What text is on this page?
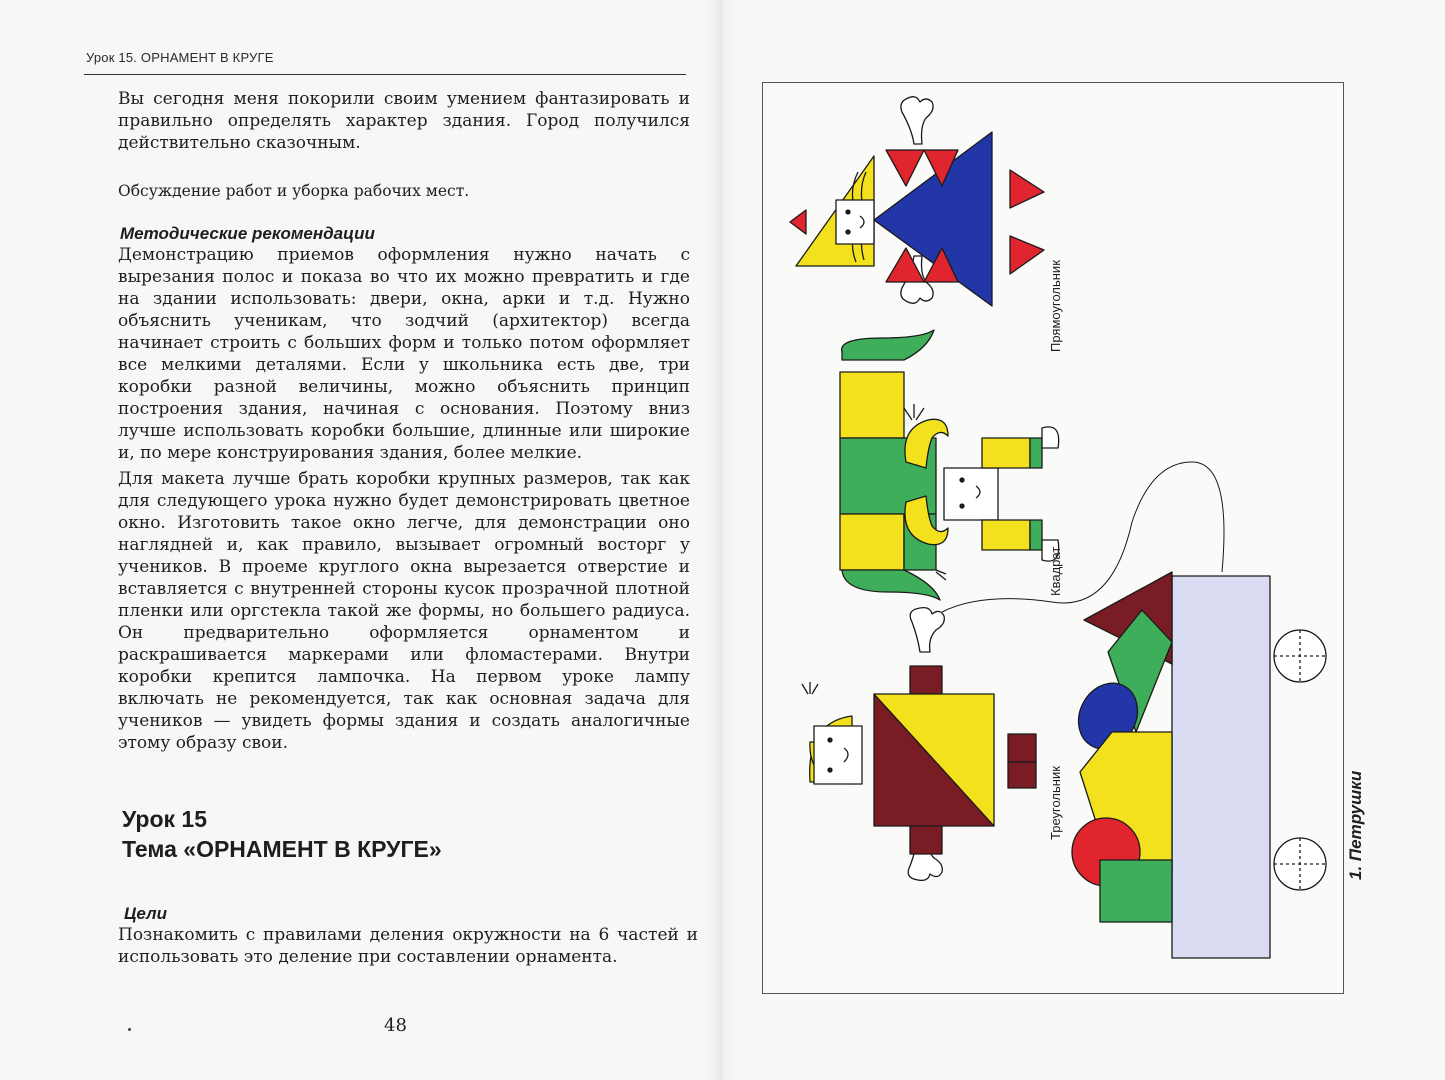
Урок 15. ОРНАМЕНТ В КРУГЕ

Вы сегодня меня покорили своим умением фантазировать и правильно определять характер здания. Город получился действительно сказочным.

Обсуждение работ и уборка рабочих мест.

Методические рекомендации

Демонстрацию приемов оформления нужно начать с вырезания полос и показа во что их можно превратить и где на здании использовать: двери, окна, арки и т.д. Нужно объяснить ученикам, что зодчий (архитектор) всегда начинает строить с больших форм и только потом оформляет все мелкими деталями. Если у школьника есть две, три коробки разной величины, можно объяснить принцип построения здания, начиная с основания. Поэтому вниз лучше использовать коробки большие, длинные или широкие и, по мере конструирования здания, более мелкие.

Для макета лучше брать коробки крупных размеров, так как для следующего урока нужно будет демонстрировать цветное окно. Изготовить такое окно легче, для демонстрации оно наглядней и, как правило, вызывает огромный восторг у учеников. В проеме круглого окна вырезается отверстие и вставляется с внутренней стороны кусок прозрачной плотной пленки или оргстекла такой же формы, но большего радиуса. Он предварительно оформляется орнаментом и раскрашивается маркерами или фломастерами. Внутри коробки крепится лампочка. На первом уроке лампу включать не рекомендуется, так как основная задача для учеников — увидеть формы здания и создать аналогичные этому образу свои.

Урок 15
Тема «ОРНАМЕНТ В КРУГЕ»
Цели

Познакомить с правилами деления окружности на 6 частей и использовать это деление при составлении орнамента.

48
Прямоугольник
Квадрат
Треугольник	1. Петрушки
